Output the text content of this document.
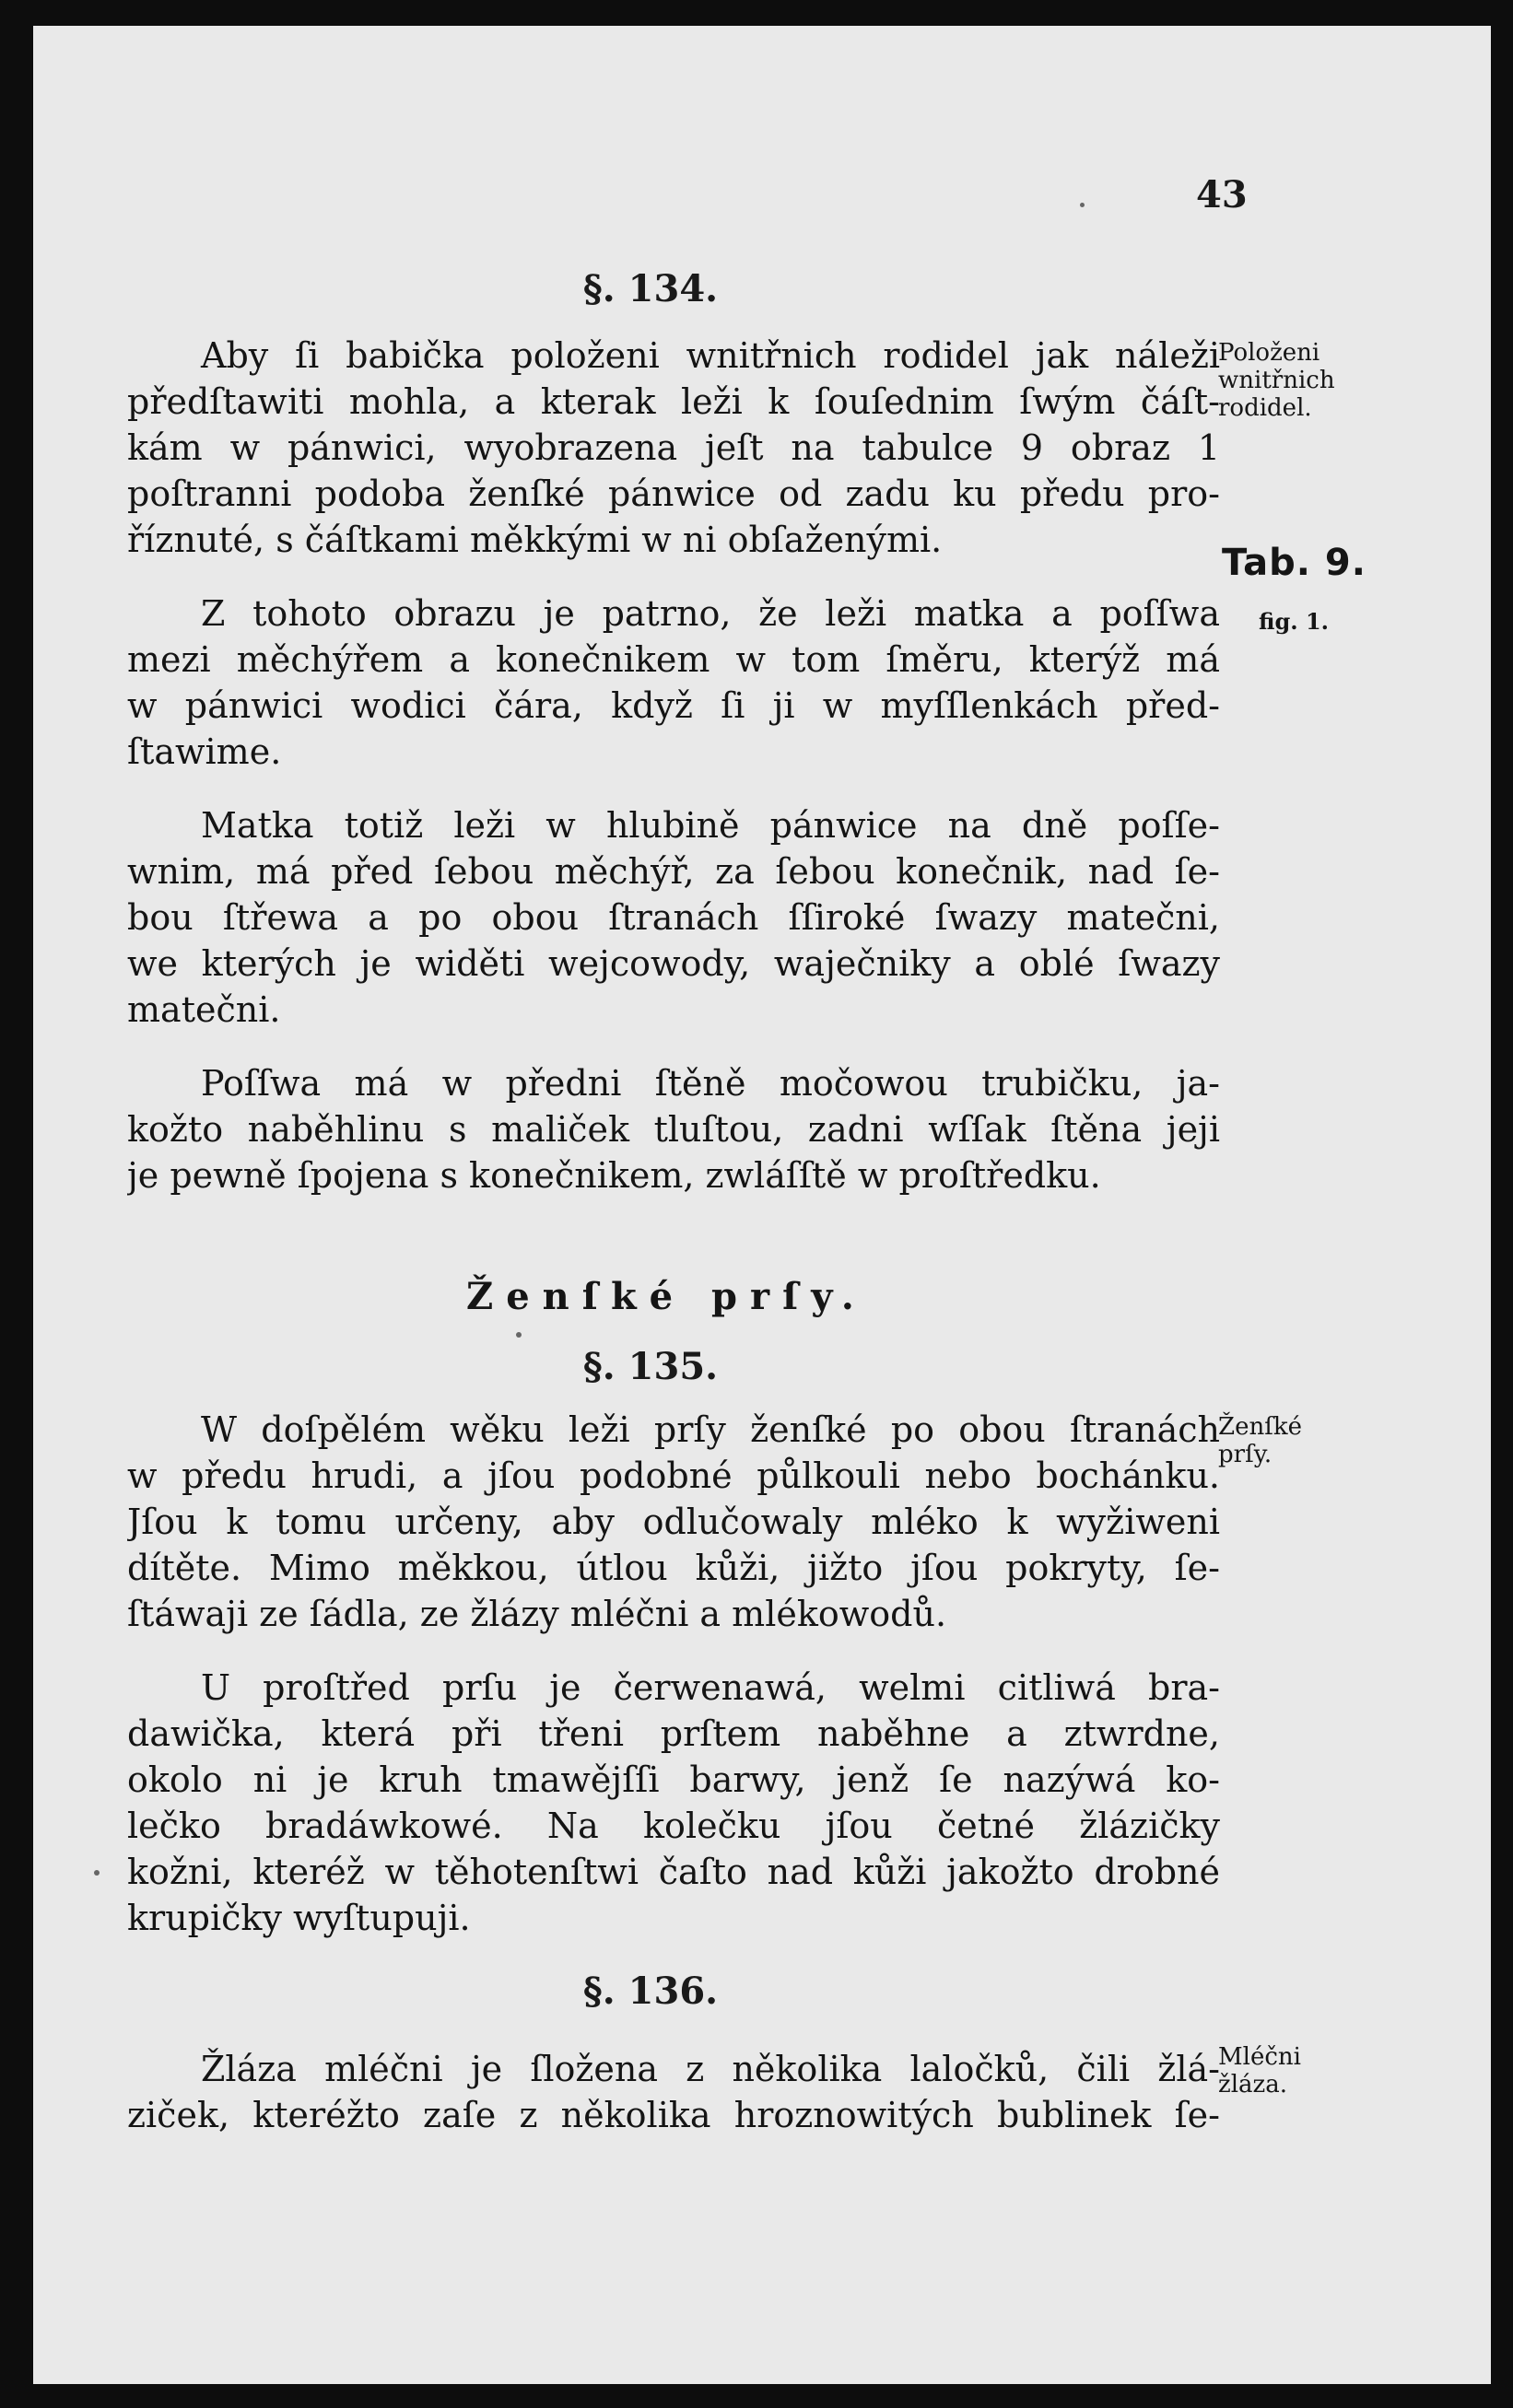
43
§. 134.
Položeni wnitřnich rodidel.
Tab. 9.
fig. 1.
Aby ſi babička položeni wnitřnich rodidel jak náleži
předſtawiti mohla, a kterak leži k ſouſednim ſwým čáſt-
kám w pánwici, wyobrazena jeſt na tabulce 9 obraz 1
poſtranni podoba ženſké pánwice od zadu ku předu pro-
říznuté, s čáſtkami měkkými w ni obſaženými.
Z tohoto obrazu je patrno, že leži matka a poſſwa
mezi měchýřem a konečnikem w tom ſměru, kterýž má
w pánwici wodici čára, když ſi ji w myſſlenkách před-
ſtawime.
Matka totiž leži w hlubině pánwice na dně poſſe-
wnim, má před ſebou měchýř, za ſebou konečnik, nad ſe-
bou ſtřewa a po obou ſtranách ſſiroké ſwazy matečni,
we kterých je widěti wejcowody, waječniky a oblé ſwazy
matečni.
Poſſwa má w předni ſtěně močowou trubičku, ja-
kožto naběhlinu s maliček tluſtou, zadni wſſak ſtěna jeji
je pewně ſpojena s konečnikem, zwláſſtě w proſtředku.
Ženſké prſy.
§. 135.
Ženſké prſy.
W doſpělém wěku leži prſy ženſké po obou ſtranách
w předu hrudi, a jſou podobné půlkouli nebo bochánku.
Jſou k tomu určeny, aby odlučowaly mléko k wyžiweni
dítěte. Mimo měkkou, útlou kůži, jižto jſou pokryty, ſe-
ſtáwaji ze ſádla, ze žlázy mléčni a mlékowodů.
U proſtřed prſu je čerwenawá, welmi citliwá bra-
dawička, která při třeni prſtem naběhne a ztwrdne,
okolo ni je kruh tmawějſſi barwy, jenž ſe nazýwá ko-
lečko bradáwkowé. Na kolečku jſou četné žlázičky
kožni, kteréž w těhotenſtwi čaſto nad kůži jakožto drobné
krupičky wyſtupuji.
§. 136.
Mléčni žláza.
Žláza mléčni je ſložena z několika laločků, čili žlá-
ziček, kteréžto zaſe z několika hroznowitých bublinek ſe-
